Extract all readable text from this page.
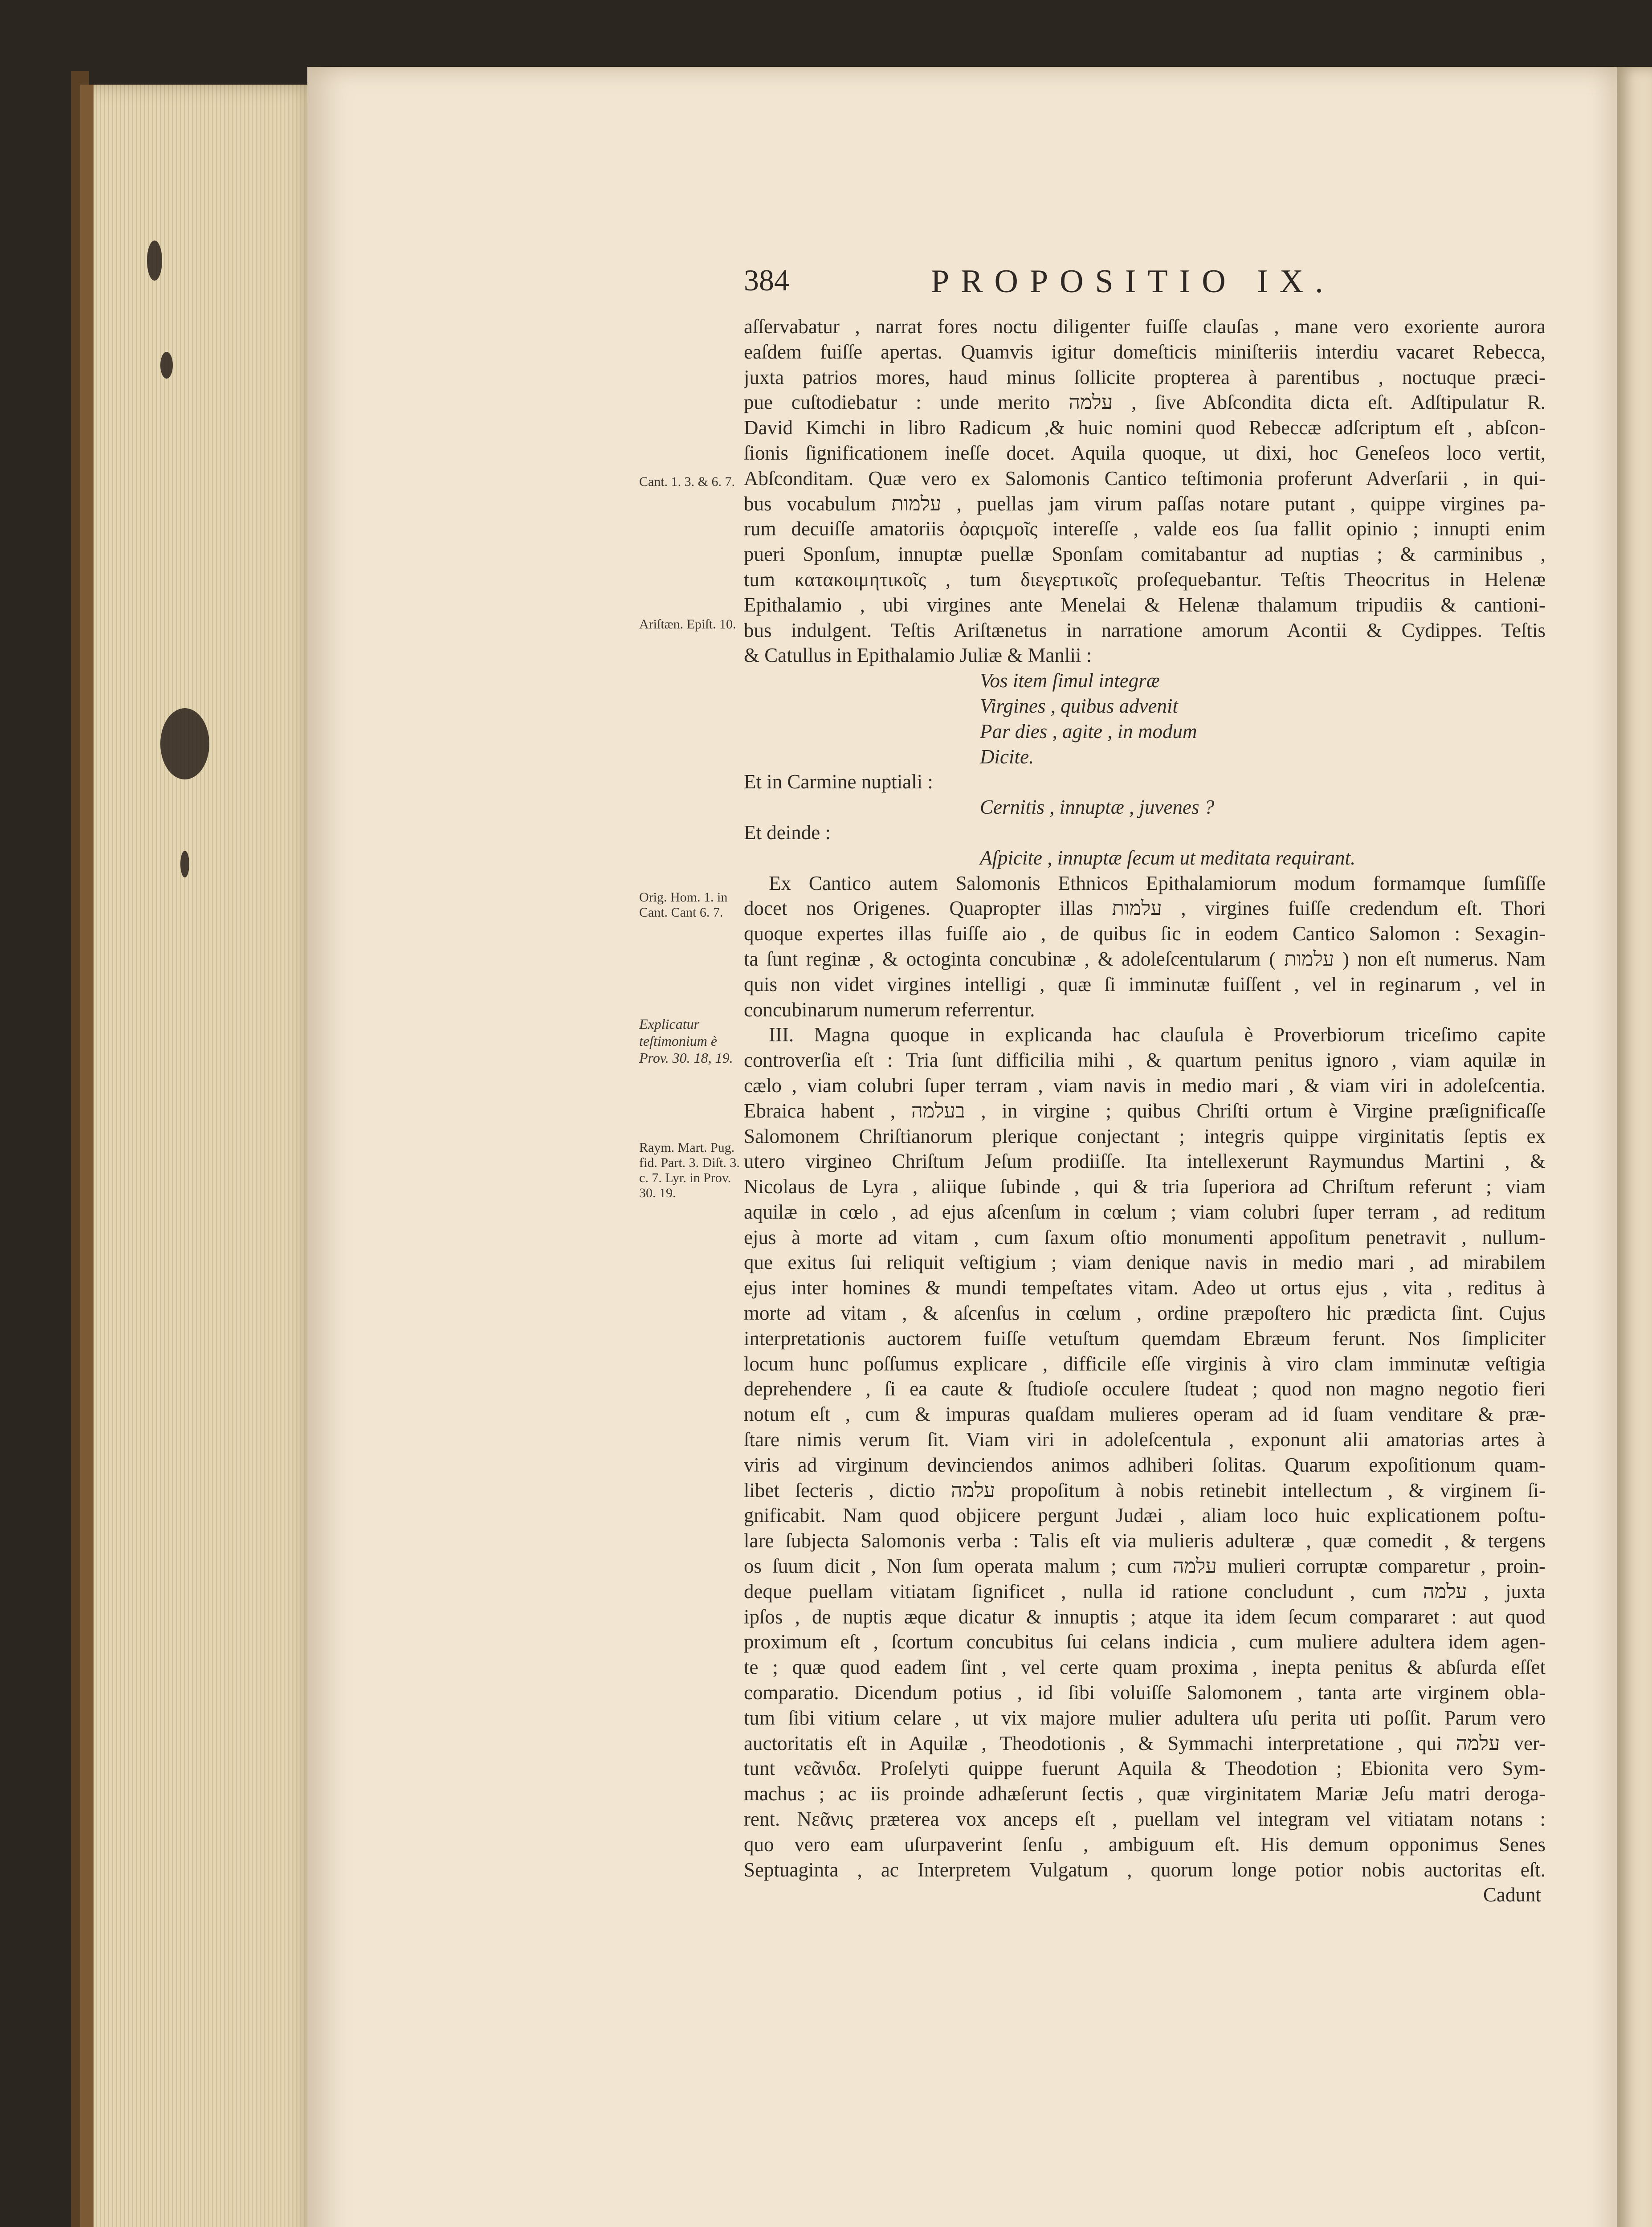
384	PROPOSITIO IX.
Cant. 1. 3. & 6. 7.
Ariſtæn. Epiſt. 10.
Orig. Hom. 1. in Cant. Cant 6. 7.
Explicatur teſtimonium è Prov. 30. 18, 19.
Raym. Mart. Pug. fid. Part. 3. Diſt. 3. c. 7. Lyr. in Prov. 30. 19.
aſſervabatur , narrat fores noctu diligenter fuiſſe clauſas , mane vero exoriente aurora
eaſdem fuiſſe apertas. Quamvis igitur domeſticis miniſteriis interdiu vacaret Rebecca,
juxta patrios mores, haud minus ſollicite propterea à parentibus , noctuque præci-
pue cuſtodiebatur : unde merito עלמה , ſive Abſcondita dicta eſt. Adſtipulatur R.
David Kimchi in libro Radicum ,& huic nomini quod Rebeccæ adſcriptum eſt , abſcon-
ſionis ſignificationem ineſſe docet. Aquila quoque, ut dixi, hoc Geneſeos loco vertit,
Abſconditam. Quæ vero ex Salomonis Cantico teſtimonia proferunt Adverſarii , in qui-
bus vocabulum עלמות , puellas jam virum paſſas notare putant , quippe virgines pa-
rum decuiſſe amatoriis ὀαριςμοῖς intereſſe , valde eos ſua fallit opinio ; innupti enim
pueri Sponſum, innuptæ puellæ Sponſam comitabantur ad nuptias ; & carminibus ,
tum κατακοιμητικοῖς , tum διεγερτικοῖς proſequebantur. Teſtis Theocritus in Helenæ
Epithalamio , ubi virgines ante Menelai & Helenæ thalamum tripudiis & cantioni-
bus indulgent. Teſtis Ariſtænetus in narratione amorum Acontii & Cydippes. Teſtis
& Catullus in Epithalamio Juliæ & Manlii :
Vos item ſimul integræ
Virgines , quibus advenit
Par dies , agite , in modum
Dicite.
Et in Carmine nuptiali :
Cernitis , innuptæ , juvenes ?
Et deinde :
Aſpicite , innuptæ ſecum ut meditata requirant.
Ex Cantico autem Salomonis Ethnicos Epithalamiorum modum formamque ſumſiſſe
docet nos Origenes. Quapropter illas עלמות , virgines fuiſſe credendum eſt. Thori
quoque expertes illas fuiſſe aio , de quibus ſic in eodem Cantico Salomon : Sexagin-
ta ſunt reginæ , & octoginta concubinæ , & adoleſcentularum ( עלמות ) non eſt numerus. Nam
quis non videt virgines intelligi , quæ ſi imminutæ fuiſſent , vel in reginarum , vel in
concubinarum numerum referrentur.
III. Magna quoque in explicanda hac clauſula è Proverbiorum triceſimo capite
controverſia eſt : Tria ſunt difficilia mihi , & quartum penitus ignoro , viam aquilæ in
cælo , viam colubri ſuper terram , viam navis in medio mari , & viam viri in adoleſcentia.
Ebraica habent , בעלמה , in virgine ; quibus Chriſti ortum è Virgine præſignificaſſe
Salomonem Chriſtianorum plerique conjectant ; integris quippe virginitatis ſeptis ex
utero virgineo Chriſtum Jeſum prodiiſſe. Ita intellexerunt Raymundus Martini , &
Nicolaus de Lyra , aliique ſubinde , qui & tria ſuperiora ad Chriſtum referunt ; viam
aquilæ in cœlo , ad ejus aſcenſum in cœlum ; viam colubri ſuper terram , ad reditum
ejus à morte ad vitam , cum ſaxum oſtio monumenti appoſitum penetravit , nullum-
que exitus ſui reliquit veſtigium ; viam denique navis in medio mari , ad mirabilem
ejus inter homines & mundi tempeſtates vitam. Adeo ut ortus ejus , vita , reditus à
morte ad vitam , & aſcenſus in cœlum , ordine præpoſtero hic prædicta ſint. Cujus
interpretationis auctorem fuiſſe vetuſtum quemdam Ebræum ferunt. Nos ſimpliciter
locum hunc poſſumus explicare , difficile eſſe virginis à viro clam imminutæ veſtigia
deprehendere , ſi ea caute & ſtudioſe occulere ſtudeat ; quod non magno negotio fieri
notum eſt , cum & impuras quaſdam mulieres operam ad id ſuam venditare & præ-
ſtare nimis verum ſit. Viam viri in adoleſcentula , exponunt alii amatorias artes à
viris ad virginum devinciendos animos adhiberi ſolitas. Quarum expoſitionum quam-
libet ſecteris , dictio עלמה propoſitum à nobis retinebit intellectum , & virginem ſi-
gnificabit. Nam quod objicere pergunt Judæi , aliam loco huic explicationem poſtu-
lare ſubjecta Salomonis verba : Talis eſt via mulieris adulteræ , quæ comedit , & tergens
os ſuum dicit , Non ſum operata malum ; cum עלמה mulieri corruptæ comparetur , proin-
deque puellam vitiatam ſignificet , nulla id ratione concludunt , cum עלמה , juxta
ipſos , de nuptis æque dicatur & innuptis ; atque ita idem ſecum compararet : aut quod
proximum eſt , ſcortum concubitus ſui celans indicia , cum muliere adultera idem agen-
te ; quæ quod eadem ſint , vel certe quam proxima , inepta penitus & abſurda eſſet
comparatio. Dicendum potius , id ſibi voluiſſe Salomonem , tanta arte virginem obla-
tum ſibi vitium celare , ut vix majore mulier adultera uſu perita uti poſſit. Parum vero
auctoritatis eſt in Aquilæ , Theodotionis , & Symmachi interpretatione , qui עלמה ver-
tunt νεᾶνιδα. Proſelyti quippe fuerunt Aquila & Theodotion ; Ebionita vero Sym-
machus ; ac iis proinde adhæſerunt ſectis , quæ virginitatem Mariæ Jeſu matri deroga-
rent. Νεᾶνις præterea vox anceps eſt , puellam vel integram vel vitiatam notans :
quo vero eam uſurpaverint ſenſu , ambiguum eſt. His demum opponimus Senes
Septuaginta , ac Interpretem Vulgatum , quorum longe potior nobis auctoritas eſt.
Cadunt
